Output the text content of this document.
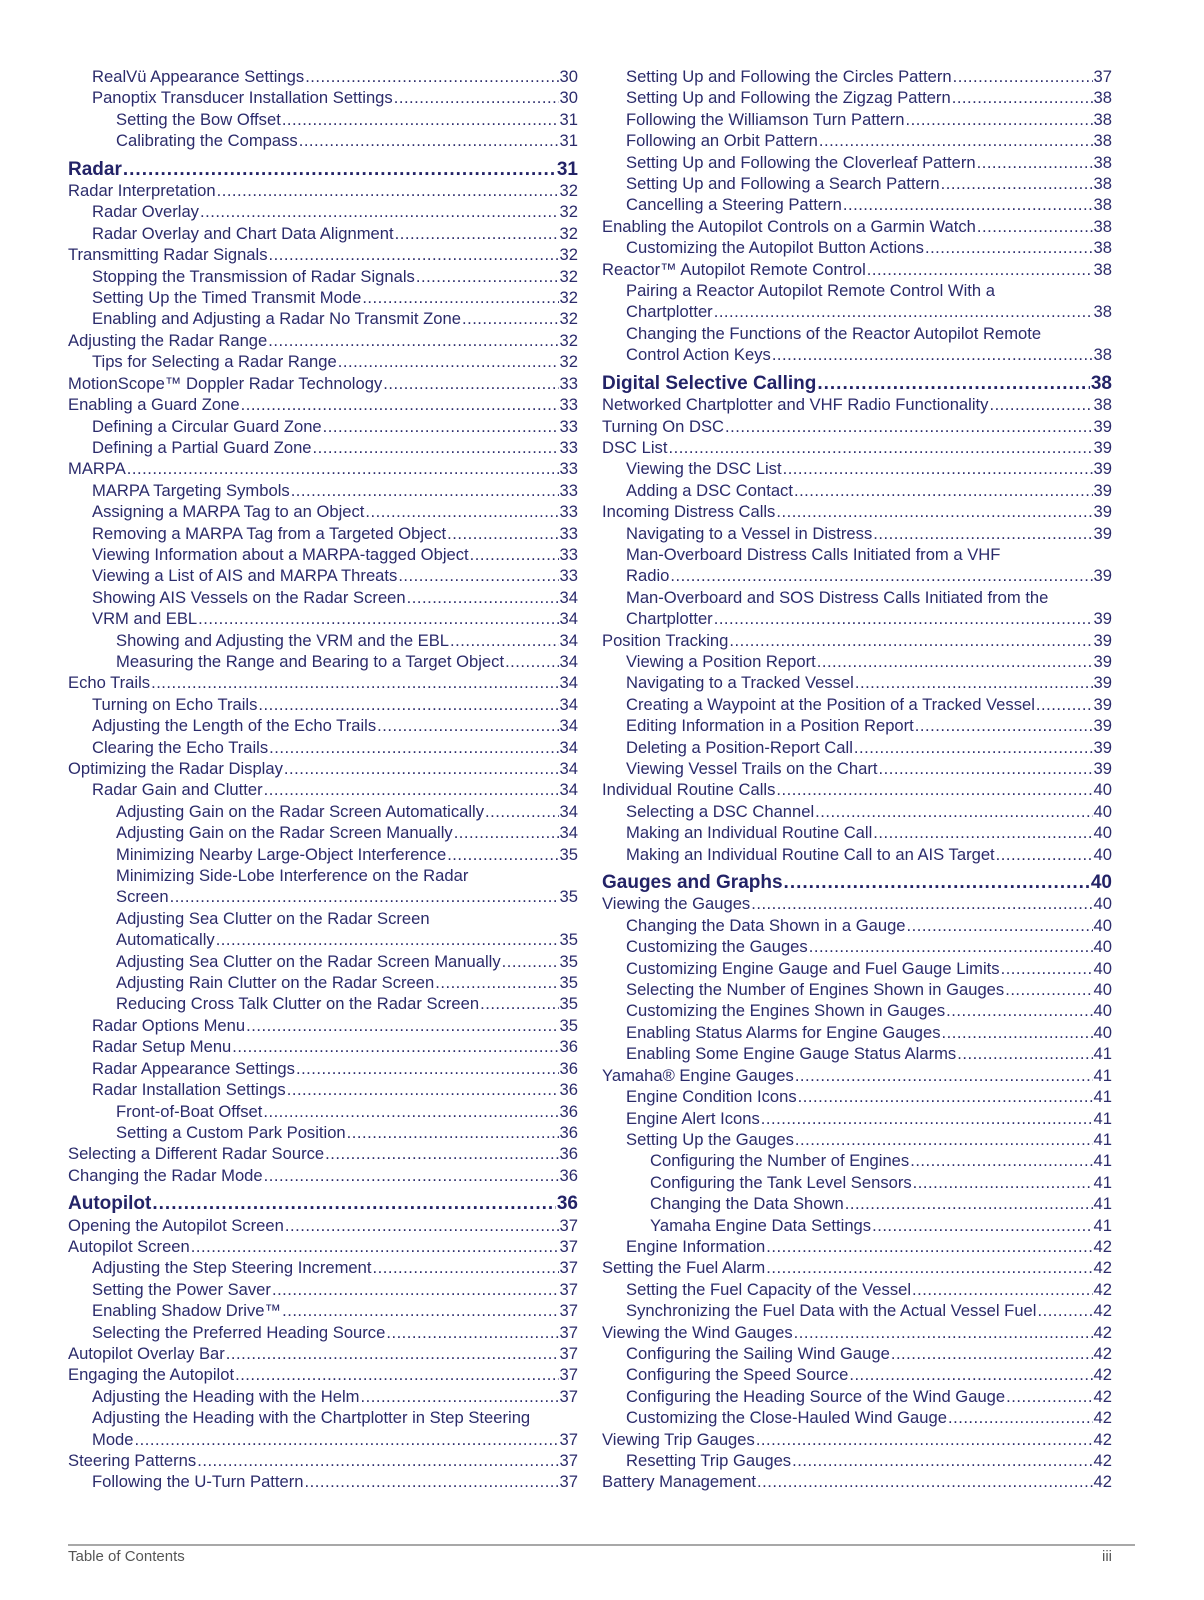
RealVü Appearance Settings .....	30
Panoptix Transducer Installation Settings .....	30
Setting the Bow Offset .....	31
Calibrating the Compass .....	31
Radar .....	31
Radar Interpretation .....	32
Radar Overlay .....	32
Radar Overlay and Chart Data Alignment .....	32
Transmitting Radar Signals .....	32
Stopping the Transmission of Radar Signals .....	32
Setting Up the Timed Transmit Mode .....	32
Enabling and Adjusting a Radar No Transmit Zone .....	32
Adjusting the Radar Range .....	32
Tips for Selecting a Radar Range .....	32
MotionScope™ Doppler Radar Technology .....	33
Enabling a Guard Zone .....	33
Defining a Circular Guard Zone .....	33
Defining a Partial Guard Zone .....	33
MARPA .....	33
MARPA Targeting Symbols .....	33
Assigning a MARPA Tag to an Object .....	33
Removing a MARPA Tag from a Targeted Object .....	33
Viewing Information about a MARPA-tagged Object .....	33
Viewing a List of AIS and MARPA Threats .....	33
Showing AIS Vessels on the Radar Screen .....	34
VRM and EBL .....	34
Showing and Adjusting the VRM and the EBL .....	34
Measuring the Range and Bearing to a Target Object .....	34
Echo Trails .....	34
Turning on Echo Trails .....	34
Adjusting the Length of the Echo Trails .....	34
Clearing the Echo Trails .....	34
Optimizing the Radar Display .....	34
Radar Gain and Clutter .....	34
Adjusting Gain on the Radar Screen Automatically .....	34
Adjusting Gain on the Radar Screen Manually .....	34
Minimizing Nearby Large-Object Interference .....	35
Minimizing Side-Lobe Interference on the Radar
Screen .....	35
Adjusting Sea Clutter on the Radar Screen
Automatically .....	35
Adjusting Sea Clutter on the Radar Screen Manually .....	35
Adjusting Rain Clutter on the Radar Screen .....	35
Reducing Cross Talk Clutter on the Radar Screen .....	35
Radar Options Menu .....	35
Radar Setup Menu .....	36
Radar Appearance Settings .....	36
Radar Installation Settings .....	36
Front-of-Boat Offset .....	36
Setting a Custom Park Position .....	36
Selecting a Different Radar Source .....	36
Changing the Radar Mode .....	36
Autopilot .....	36
Opening the Autopilot Screen .....	37
Autopilot Screen .....	37
Adjusting the Step Steering Increment .....	37
Setting the Power Saver .....	37
Enabling Shadow Drive™ .....	37
Selecting the Preferred Heading Source .....	37
Autopilot Overlay Bar .....	37
Engaging the Autopilot .....	37
Adjusting the Heading with the Helm .....	37
Adjusting the Heading with the Chartplotter in Step Steering
Mode .....	37
Steering Patterns .....	37
Following the U-Turn Pattern .....	37
Setting Up and Following the Circles Pattern .....	37
Setting Up and Following the Zigzag Pattern .....	38
Following the Williamson Turn Pattern .....	38
Following an Orbit Pattern .....	38
Setting Up and Following the Cloverleaf Pattern .....	38
Setting Up and Following a Search Pattern .....	38
Cancelling a Steering Pattern .....	38
Enabling the Autopilot Controls on a Garmin Watch .....	38
Customizing the Autopilot Button Actions .....	38
Reactor™ Autopilot Remote Control .....	38
Pairing a Reactor Autopilot Remote Control With a
Chartplotter .....	38
Changing the Functions of the Reactor Autopilot Remote
Control Action Keys .....	38
Digital Selective Calling .....	38
Networked Chartplotter and VHF Radio Functionality .....	38
Turning On DSC .....	39
DSC List .....	39
Viewing the DSC List .....	39
Adding a DSC Contact .....	39
Incoming Distress Calls .....	39
Navigating to a Vessel in Distress .....	39
Man-Overboard Distress Calls Initiated from a VHF
Radio .....	39
Man-Overboard and SOS Distress Calls Initiated from the
Chartplotter .....	39
Position Tracking .....	39
Viewing a Position Report .....	39
Navigating to a Tracked Vessel .....	39
Creating a Waypoint at the Position of a Tracked Vessel .....	39
Editing Information in a Position Report .....	39
Deleting a Position-Report Call .....	39
Viewing Vessel Trails on the Chart .....	39
Individual Routine Calls .....	40
Selecting a DSC Channel .....	40
Making an Individual Routine Call .....	40
Making an Individual Routine Call to an AIS Target .....	40
Gauges and Graphs .....	40
Viewing the Gauges .....	40
Changing the Data Shown in a Gauge .....	40
Customizing the Gauges .....	40
Customizing Engine Gauge and Fuel Gauge Limits .....	40
Selecting the Number of Engines Shown in Gauges .....	40
Customizing the Engines Shown in Gauges .....	40
Enabling Status Alarms for Engine Gauges .....	40
Enabling Some Engine Gauge Status Alarms .....	41
Yamaha® Engine Gauges .....	41
Engine Condition Icons .....	41
Engine Alert Icons .....	41
Setting Up the Gauges .....	41
Configuring the Number of Engines .....	41
Configuring the Tank Level Sensors .....	41
Changing the Data Shown .....	41
Yamaha Engine Data Settings .....	41
Engine Information .....	42
Setting the Fuel Alarm .....	42
Setting the Fuel Capacity of the Vessel .....	42
Synchronizing the Fuel Data with the Actual Vessel Fuel .....	42
Viewing the Wind Gauges .....	42
Configuring the Sailing Wind Gauge .....	42
Configuring the Speed Source .....	42
Configuring the Heading Source of the Wind Gauge .....	42
Customizing the Close-Hauled Wind Gauge .....	42
Viewing Trip Gauges .....	42
Resetting Trip Gauges .....	42
Battery Management .....	42
Table of Contents	iii
